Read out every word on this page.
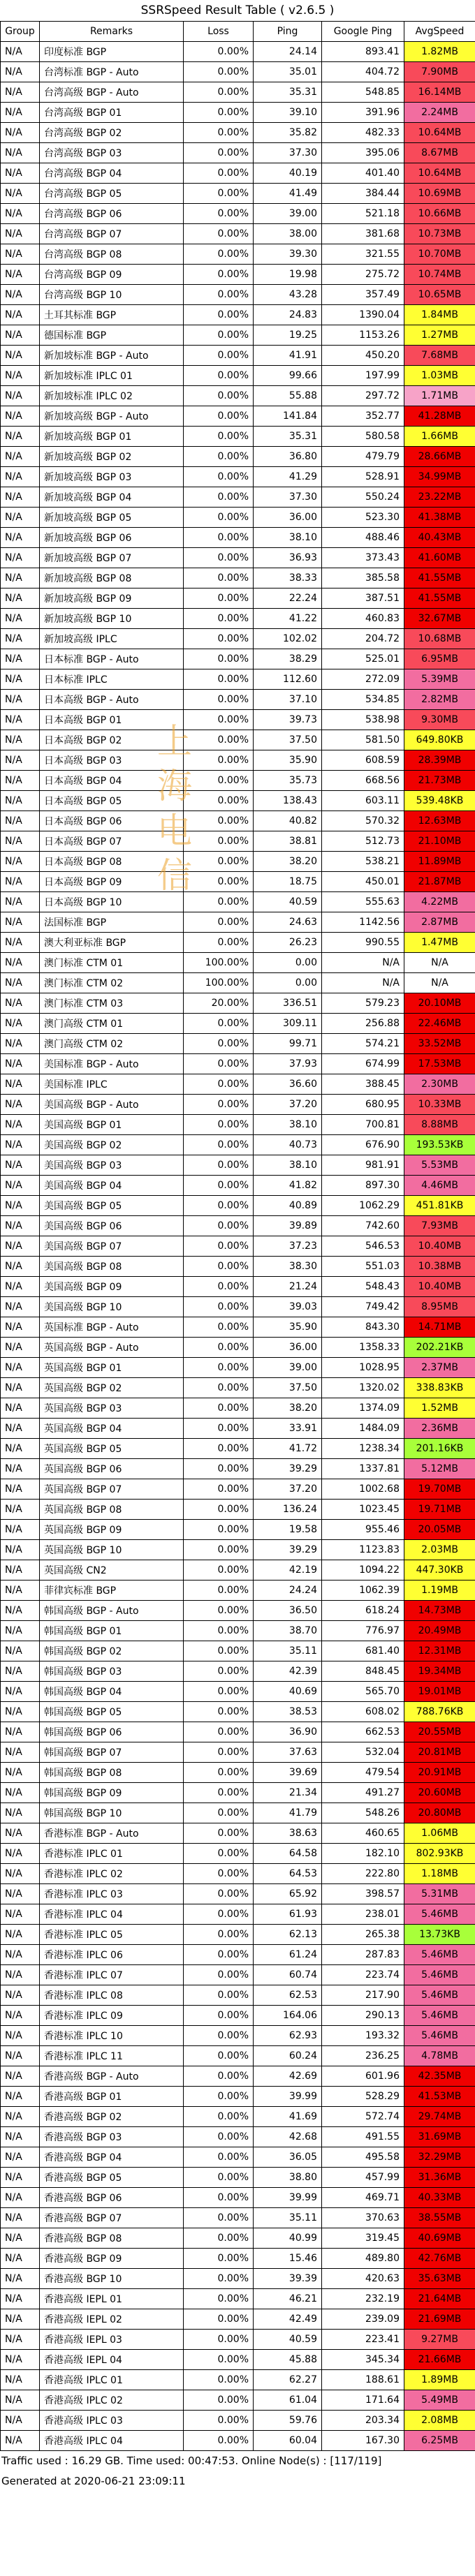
SSRSpeed Result Table ( v2.6.5 )
Group	Remarks	Loss	Ping	Google Ping	AvgSpeed
N/A	印度标准 BGP	0.00%	24.14	893.41	1.82MB
N/A	台湾标准 BGP - Auto	0.00%	35.01	404.72	7.90MB
N/A	台湾高级 BGP - Auto	0.00%	35.31	548.85	16.14MB
N/A	台湾高级 BGP 01	0.00%	39.10	391.96	2.24MB
N/A	台湾高级 BGP 02	0.00%	35.82	482.33	10.64MB
N/A	台湾高级 BGP 03	0.00%	37.30	395.06	8.67MB
N/A	台湾高级 BGP 04	0.00%	40.19	401.40	10.64MB
N/A	台湾高级 BGP 05	0.00%	41.49	384.44	10.69MB
N/A	台湾高级 BGP 06	0.00%	39.00	521.18	10.66MB
N/A	台湾高级 BGP 07	0.00%	38.00	381.68	10.73MB
N/A	台湾高级 BGP 08	0.00%	39.30	321.55	10.70MB
N/A	台湾高级 BGP 09	0.00%	19.98	275.72	10.74MB
N/A	台湾高级 BGP 10	0.00%	43.28	357.49	10.65MB
N/A	土耳其标准 BGP	0.00%	24.83	1390.04	1.84MB
N/A	德国标准 BGP	0.00%	19.25	1153.26	1.27MB
N/A	新加坡标准 BGP - Auto	0.00%	41.91	450.20	7.68MB
N/A	新加坡标准 IPLC 01	0.00%	99.66	197.99	1.03MB
N/A	新加坡标准 IPLC 02	0.00%	55.88	297.72	1.71MB
N/A	新加坡高级 BGP - Auto	0.00%	141.84	352.77	41.28MB
N/A	新加坡高级 BGP 01	0.00%	35.31	580.58	1.66MB
N/A	新加坡高级 BGP 02	0.00%	36.80	479.79	28.66MB
N/A	新加坡高级 BGP 03	0.00%	41.29	528.91	34.99MB
N/A	新加坡高级 BGP 04	0.00%	37.30	550.24	23.22MB
N/A	新加坡高级 BGP 05	0.00%	36.00	523.30	41.38MB
N/A	新加坡高级 BGP 06	0.00%	38.10	488.46	40.43MB
N/A	新加坡高级 BGP 07	0.00%	36.93	373.43	41.60MB
N/A	新加坡高级 BGP 08	0.00%	38.33	385.58	41.55MB
N/A	新加坡高级 BGP 09	0.00%	22.24	387.51	41.55MB
N/A	新加坡高级 BGP 10	0.00%	41.22	460.83	32.67MB
N/A	新加坡高级 IPLC	0.00%	102.02	204.72	10.68MB
N/A	日本标准 BGP - Auto	0.00%	38.29	525.01	6.95MB
N/A	日本标准 IPLC	0.00%	112.60	272.09	5.39MB
N/A	日本高级 BGP - Auto	0.00%	37.10	534.85	2.82MB
N/A	日本高级 BGP 01	0.00%	39.73	538.98	9.30MB
N/A	日本高级 BGP 02	0.00%	37.50	581.50	649.80KB
N/A	日本高级 BGP 03	0.00%	35.90	608.59	28.39MB
N/A	日本高级 BGP 04	0.00%	35.73	668.56	21.73MB
N/A	日本高级 BGP 05	0.00%	138.43	603.11	539.48KB
N/A	日本高级 BGP 06	0.00%	40.82	570.32	12.63MB
N/A	日本高级 BGP 07	0.00%	38.81	512.73	21.10MB
N/A	日本高级 BGP 08	0.00%	38.20	538.21	11.89MB
N/A	日本高级 BGP 09	0.00%	18.75	450.01	21.87MB
N/A	日本高级 BGP 10	0.00%	40.59	555.63	4.22MB
N/A	法国标准 BGP	0.00%	24.63	1142.56	2.87MB
N/A	澳大利亚标准 BGP	0.00%	26.23	990.55	1.47MB
N/A	澳门标准 CTM 01	100.00%	0.00	N/A	N/A
N/A	澳门标准 CTM 02	100.00%	0.00	N/A	N/A
N/A	澳门标准 CTM 03	20.00%	336.51	579.23	20.10MB
N/A	澳门高级 CTM 01	0.00%	309.11	256.88	22.46MB
N/A	澳门高级 CTM 02	0.00%	99.71	574.21	33.52MB
N/A	美国标准 BGP - Auto	0.00%	37.93	674.99	17.53MB
N/A	美国标准 IPLC	0.00%	36.60	388.45	2.30MB
N/A	美国高级 BGP - Auto	0.00%	37.20	680.95	10.33MB
N/A	美国高级 BGP 01	0.00%	38.10	700.81	8.88MB
N/A	美国高级 BGP 02	0.00%	40.73	676.90	193.53KB
N/A	美国高级 BGP 03	0.00%	38.10	981.91	5.53MB
N/A	美国高级 BGP 04	0.00%	41.82	897.30	4.46MB
N/A	美国高级 BGP 05	0.00%	40.89	1062.29	451.81KB
N/A	美国高级 BGP 06	0.00%	39.89	742.60	7.93MB
N/A	美国高级 BGP 07	0.00%	37.23	546.53	10.40MB
N/A	美国高级 BGP 08	0.00%	38.30	551.03	10.38MB
N/A	美国高级 BGP 09	0.00%	21.24	548.43	10.40MB
N/A	美国高级 BGP 10	0.00%	39.03	749.42	8.95MB
N/A	英国标准 BGP - Auto	0.00%	35.90	843.30	14.71MB
N/A	英国高级 BGP - Auto	0.00%	36.00	1358.33	202.21KB
N/A	英国高级 BGP 01	0.00%	39.00	1028.95	2.37MB
N/A	英国高级 BGP 02	0.00%	37.50	1320.02	338.83KB
N/A	英国高级 BGP 03	0.00%	38.20	1374.09	1.52MB
N/A	英国高级 BGP 04	0.00%	33.91	1484.09	2.36MB
N/A	英国高级 BGP 05	0.00%	41.72	1238.34	201.16KB
N/A	英国高级 BGP 06	0.00%	39.29	1337.81	5.12MB
N/A	英国高级 BGP 07	0.00%	37.20	1002.68	19.70MB
N/A	英国高级 BGP 08	0.00%	136.24	1023.45	19.71MB
N/A	英国高级 BGP 09	0.00%	19.58	955.46	20.05MB
N/A	英国高级 BGP 10	0.00%	39.29	1123.83	2.03MB
N/A	英国高级 CN2	0.00%	42.19	1094.22	447.30KB
N/A	菲律宾标准 BGP	0.00%	24.24	1062.39	1.19MB
N/A	韩国高级 BGP - Auto	0.00%	36.50	618.24	14.73MB
N/A	韩国高级 BGP 01	0.00%	38.70	776.97	20.49MB
N/A	韩国高级 BGP 02	0.00%	35.11	681.40	12.31MB
N/A	韩国高级 BGP 03	0.00%	42.39	848.45	19.34MB
N/A	韩国高级 BGP 04	0.00%	40.69	565.70	19.01MB
N/A	韩国高级 BGP 05	0.00%	38.53	608.02	788.76KB
N/A	韩国高级 BGP 06	0.00%	36.90	662.53	20.55MB
N/A	韩国高级 BGP 07	0.00%	37.63	532.04	20.81MB
N/A	韩国高级 BGP 08	0.00%	39.69	479.54	20.91MB
N/A	韩国高级 BGP 09	0.00%	21.34	491.27	20.60MB
N/A	韩国高级 BGP 10	0.00%	41.79	548.26	20.80MB
N/A	香港标准 BGP - Auto	0.00%	38.63	460.65	1.06MB
N/A	香港标准 IPLC 01	0.00%	64.58	182.10	802.93KB
N/A	香港标准 IPLC 02	0.00%	64.53	222.80	1.18MB
N/A	香港标准 IPLC 03	0.00%	65.92	398.57	5.31MB
N/A	香港标准 IPLC 04	0.00%	61.93	238.01	5.46MB
N/A	香港标准 IPLC 05	0.00%	62.13	265.38	13.73KB
N/A	香港标准 IPLC 06	0.00%	61.24	287.83	5.46MB
N/A	香港标准 IPLC 07	0.00%	60.74	223.74	5.46MB
N/A	香港标准 IPLC 08	0.00%	62.53	217.90	5.46MB
N/A	香港标准 IPLC 09	0.00%	164.06	290.13	5.46MB
N/A	香港标准 IPLC 10	0.00%	62.93	193.32	5.46MB
N/A	香港标准 IPLC 11	0.00%	60.24	236.25	4.78MB
N/A	香港高级 BGP - Auto	0.00%	42.69	601.96	42.35MB
N/A	香港高级 BGP 01	0.00%	39.99	528.29	41.53MB
N/A	香港高级 BGP 02	0.00%	41.69	572.74	29.74MB
N/A	香港高级 BGP 03	0.00%	42.68	491.55	31.69MB
N/A	香港高级 BGP 04	0.00%	36.05	495.58	32.29MB
N/A	香港高级 BGP 05	0.00%	38.80	457.99	31.36MB
N/A	香港高级 BGP 06	0.00%	39.99	469.71	40.33MB
N/A	香港高级 BGP 07	0.00%	35.11	370.63	38.55MB
N/A	香港高级 BGP 08	0.00%	40.99	319.45	40.69MB
N/A	香港高级 BGP 09	0.00%	15.46	489.80	42.76MB
N/A	香港高级 BGP 10	0.00%	39.39	420.63	35.63MB
N/A	香港高级 IEPL 01	0.00%	46.21	232.19	21.64MB
N/A	香港高级 IEPL 02	0.00%	42.49	239.09	21.69MB
N/A	香港高级 IEPL 03	0.00%	40.59	223.41	9.27MB
N/A	香港高级 IEPL 04	0.00%	45.88	345.34	21.66MB
N/A	香港高级 IPLC 01	0.00%	62.27	188.61	1.89MB
N/A	香港高级 IPLC 02	0.00%	61.04	171.64	5.49MB
N/A	香港高级 IPLC 03	0.00%	59.76	203.34	2.08MB
N/A	香港高级 IPLC 04	0.00%	60.04	167.30	6.25MB
Traffic used : 16.29 GB. Time used: 00:47:53. Online Node(s) : [117/119]
Generated at 2020-06-21 23:09:11
上海电信
